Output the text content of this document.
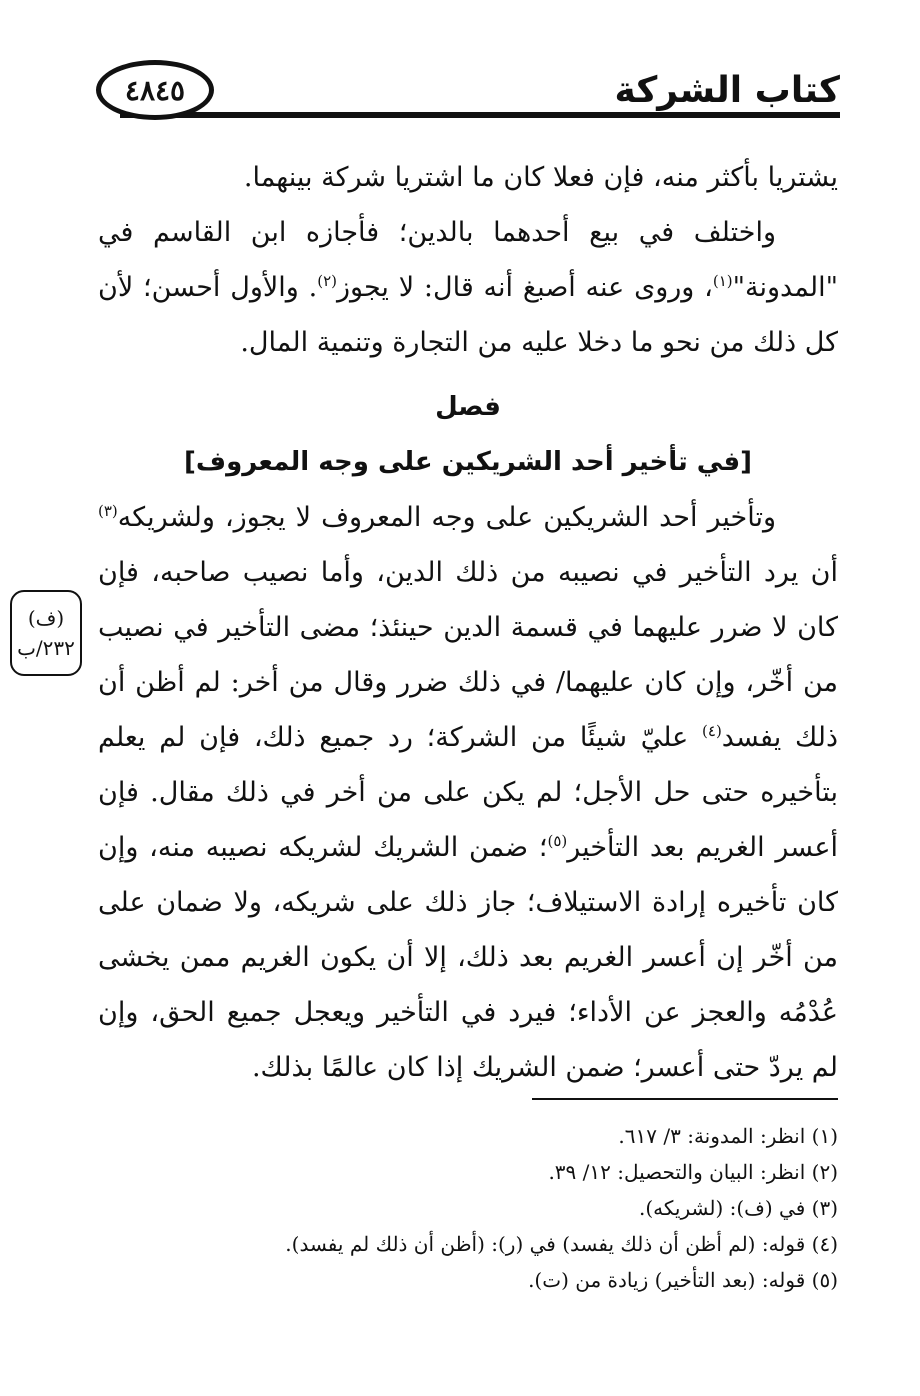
٤٨٤٥	كتاب الشركة
(ف)
٢٣٢/ب

يشتريا بأكثر منه، فإن فعلا كان ما اشتريا شركة بينهما.

واختلف في بيع أحدهما بالدين؛ فأجازه ابن القاسم في "المدونة"$^{(١)}$، وروى عنه أصبغ أنه قال: لا يجوز$^{(٢)}$. والأول أحسن؛ لأن كل ذلك من نحو ما دخلا عليه من التجارة وتنمية المال.

فصل

[في تأخير أحد الشريكين على وجه المعروف]

وتأخير أحد الشريكين على وجه المعروف لا يجوز، ولشريكه$^{(٣)}$ أن يرد التأخير في نصيبه من ذلك الدين، وأما نصيب صاحبه، فإن كان لا ضرر عليهما في قسمة الدين حينئذ؛ مضى التأخير في نصيب من أخّر، وإن كان عليهما/ في ذلك ضرر وقال من أخر: لم أظن أن ذلك يفسد$^{(٤)}$ عليّ شيئًا من الشركة؛ رد جميع ذلك، فإن لم يعلم بتأخيره حتى حل الأجل؛ لم يكن على من أخر في ذلك مقال. فإن أعسر الغريم بعد التأخير$^{(٥)}$؛ ضمن الشريك لشريكه نصيبه منه، وإن كان تأخيره إرادة الاستيلاف؛ جاز ذلك على شريكه، ولا ضمان على من أخّر إن أعسر الغريم بعد ذلك، إلا أن يكون الغريم ممن يخشى عُدْمُه والعجز عن الأداء؛ فيرد في التأخير ويعجل جميع الحق، وإن لم يردّ حتى أعسر؛ ضمن الشريك إذا كان عالمًا بذلك.

(١) انظر: المدونة: ٣/ ٦١٧.
(٢) انظر: البيان والتحصيل: ١٢/ ٣٩.
(٣) في (ف): (لشريكه).
(٤) قوله: (لم أظن أن ذلك يفسد) في (ر): (أظن أن ذلك لم يفسد).
(٥) قوله: (بعد التأخير) زيادة من (ت).
